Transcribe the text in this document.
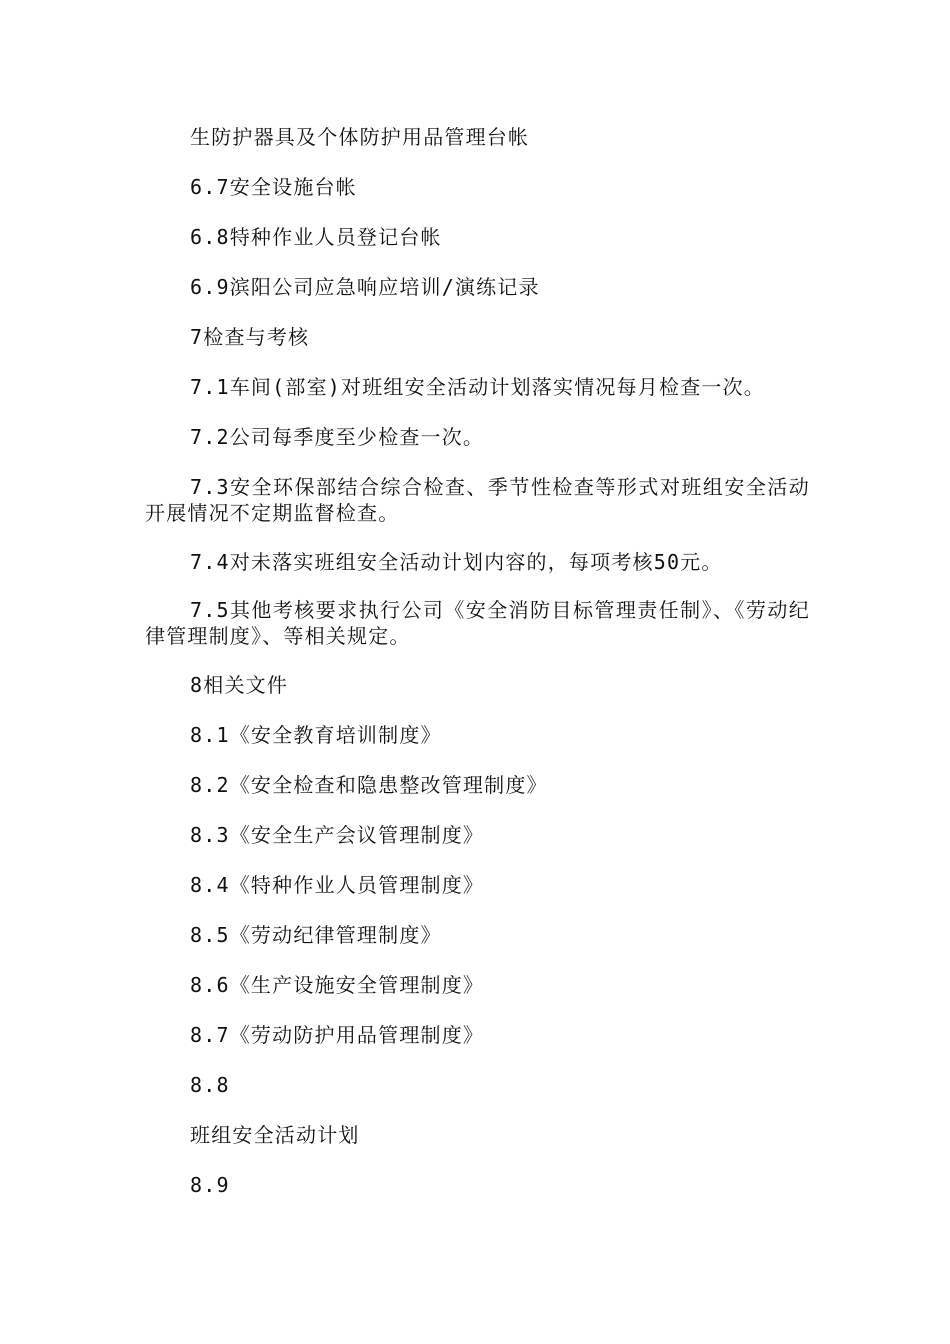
生防护器具及个体防护用品管理台帐

6.7安全设施台帐

6.8特种作业人员登记台帐

6.9滨阳公司应急响应培训/演练记录

7检查与考核

7.1车间(部室)对班组安全活动计划落实情况每月检查一次。

7.2公司每季度至少检查一次。

7.3安全环保部结合综合检查、季节性检查等形式对班组安全活动开展情况不定期监督检查。

7.4对未落实班组安全活动计划内容的，每项考核50元。

7.5其他考核要求执行公司《安全消防目标管理责任制》、《劳动纪律管理制度》、等相关规定。

8相关文件

8.1《安全教育培训制度》

8.2《安全检查和隐患整改管理制度》

8.3《安全生产会议管理制度》

8.4《特种作业人员管理制度》

8.5《劳动纪律管理制度》

8.6《生产设施安全管理制度》

8.7《劳动防护用品管理制度》

8.8

班组安全活动计划

8.9
